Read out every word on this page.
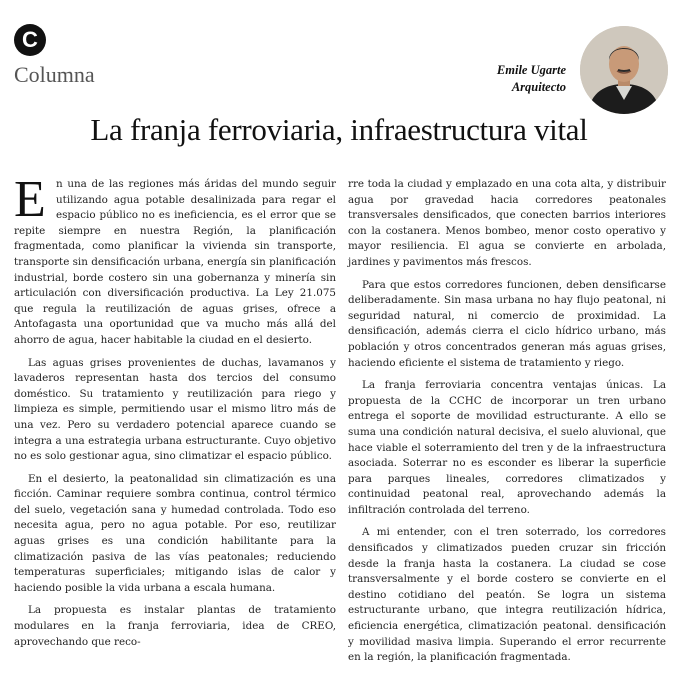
C
Columna	Emile Ugarte
Arquitecto
La franja ferroviaria, infraestructura vital

En una de las regiones más áridas del mundo seguir utilizando agua potable desalinizada para regar el espacio público no es ineficiencia, es el error que se repite siempre en nuestra Región, la planificación fragmentada, como planificar la vivienda sin transporte, transporte sin densificación urbana, energía sin planificación industrial, borde costero sin una gobernanza y minería sin articulación con diversificación productiva. La Ley 21.075 que regula la reutilización de aguas grises, ofrece a Antofagasta una oportunidad que va mucho más allá del ahorro de agua, hacer habitable la ciudad en el desierto.

Las aguas grises provenientes de duchas, lavamanos y lavaderos representan hasta dos tercios del consumo doméstico. Su tratamiento y reutilización para riego y limpieza es simple, permitiendo usar el mismo litro más de una vez. Pero su verdadero potencial aparece cuando se integra a una estrategia urbana estructurante. Cuyo objetivo no es solo gestionar agua, sino climatizar el espacio público.

En el desierto, la peatonalidad sin climatización es una ficción. Caminar requiere sombra continua, control térmico del suelo, vegetación sana y humedad controlada. Todo eso necesita agua, pero no agua potable. Por eso, reutilizar aguas grises es una condición habilitante para la climatización pasiva de las vías peatonales; reduciendo temperaturas superficiales; mitigando islas de calor y haciendo posible la vida urbana a escala humana.

La propuesta es instalar plantas de tratamiento modulares en la franja ferroviaria, idea de CREO, aprovechando que reco-

rre toda la ciudad y emplazado en una cota alta, y distribuir agua por gravedad hacia corredores peatonales transversales densificados, que conecten barrios interiores con la costanera. Menos bombeo, menor costo operativo y mayor resiliencia. El agua se convierte en arbolada, jardines y pavimentos más frescos.

Para que estos corredores funcionen, deben densificarse deliberadamente. Sin masa urbana no hay flujo peatonal, ni seguridad natural, ni comercio de proximidad. La densificación, además cierra el ciclo hídrico urbano, más población y otros concentrados generan más aguas grises, haciendo eficiente el sistema de tratamiento y riego.

La franja ferroviaria concentra ventajas únicas. La propuesta de la CCHC de incorporar un tren urbano entrega el soporte de movilidad estructurante. A ello se suma una condición natural decisiva, el suelo aluvional, que hace viable el soterramiento del tren y de la infraestructura asociada. Soterrar no es esconder es liberar la superficie para parques lineales, corredores climatizados y continuidad peatonal real, aprovechando además la infiltración controlada del terreno.

A mi entender, con el tren soterrado, los corredores densificados y climatizados pueden cruzar sin fricción desde la franja hasta la costanera. La ciudad se cose transversalmente y el borde costero se convierte en el destino cotidiano del peatón. Se logra un sistema estructurante urbano, que integra reutilización hídrica, eficiencia energética, climatización peatonal. densificación y movilidad masiva limpia. Superando el error recurrente en la región, la planificación fragmentada.
